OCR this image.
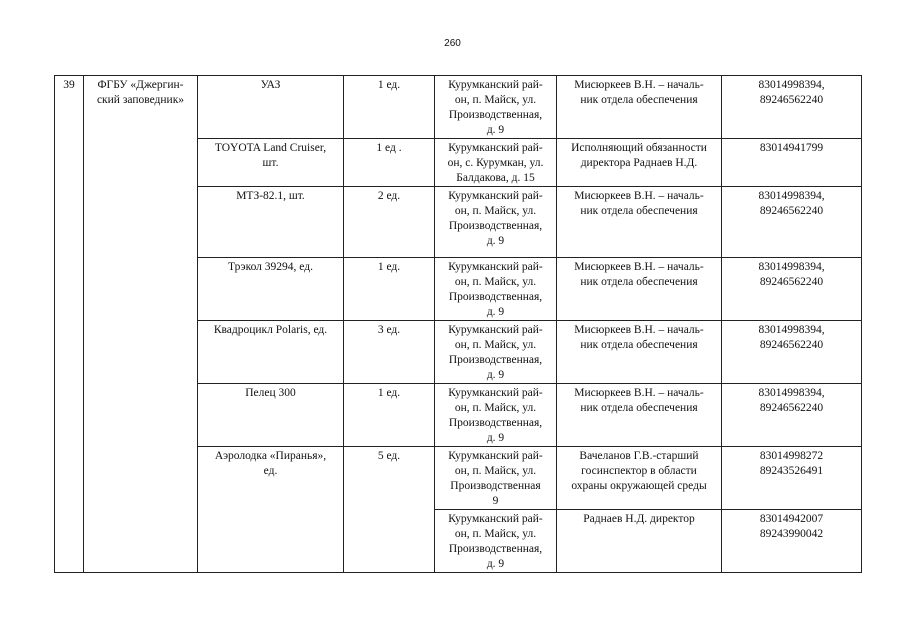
260
39	ФГБУ «Джергин-
ский заповедник»	УАЗ	1 ед.	Курумканский рай-
он, п. Майск, ул.
Производственная,
д. 9	Мисюркеев В.Н. – началь-
ник отдела обеспечения	83014998394,
89246562240

		TOYOTA Land Cruiser,
шт.	1 ед .	Курумканский рай-
он, с. Курумкан, ул.
Балдакова, д. 15	Исполняющий обязанности
директора Раднаев Н.Д.	83014941799

		МТЗ-82.1, шт.	2 ед.	Курумканский рай-
он, п. Майск, ул.
Производственная,
д. 9	Мисюркеев В.Н. – началь-
ник отдела обеспечения	83014998394,
89246562240

		Трэкол 39294, ед.	1 ед.	Курумканский рай-
он, п. Майск, ул.
Производственная,
д. 9	Мисюркеев В.Н. – началь-
ник отдела обеспечения	83014998394,
89246562240

		Квадроцикл Polaris, ед.	3 ед.	Курумканский рай-
он, п. Майск, ул.
Производственная,
д. 9	Мисюркеев В.Н. – началь-
ник отдела обеспечения	83014998394,
89246562240

		Пелец 300	1 ед.	Курумканский рай-
он, п. Майск, ул.
Производственная,
д. 9	Мисюркеев В.Н. – началь-
ник отдела обеспечения	83014998394,
89246562240

		Аэролодка «Пиранья»,
ед.	5 ед.	Курумканский рай-
он, п. Майск, ул.
Производственная
9	Вачеланов Г.В.-старший
госинспектор в области
охраны окружающей среды	83014998272
89243526491

				Курумканский рай-
он, п. Майск, ул.
Производственная,
д. 9	Раднаев Н.Д. директор	83014942007
89243990042
